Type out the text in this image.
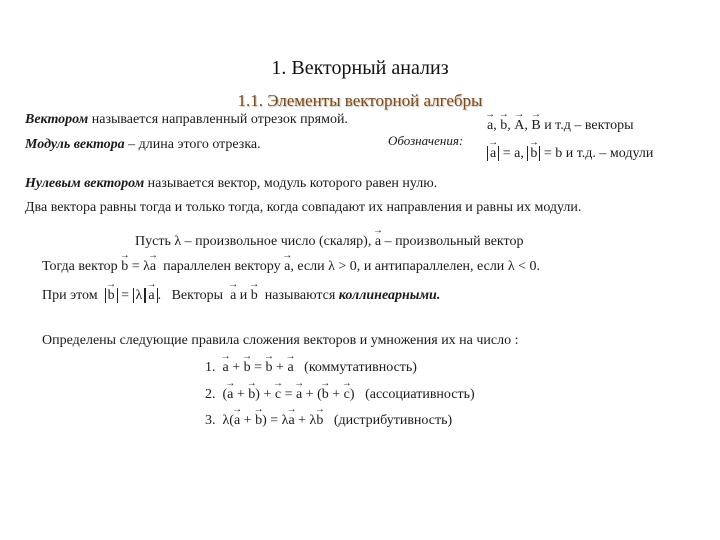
1. Векторный анализ
1.1. Элементы векторной алгебры
Вектором называется направленный отрезок прямой.
Модуль вектора – длина этого отрезка.	Обозначения:
→ a, → b, → A, → B и т.д – векторы
→ a = a, → b = b и т.д. – модули
Нулевым вектором называется вектор, модуль которого равен нулю.
Два вектора равны тогда и только тогда, когда совпадают их направления и равны их модули.
Пусть λ – произвольное число (скаляр), → a – произвольный вектор
Тогда вектор → b = λ→ a параллелен вектору → a, если λ > 0, и антипараллелен, если λ < 0.
При этом → b = λ → a .   Векторы → a и → b называются коллинеарными.
Определены следующие правила сложения векторов и умножения их на число :
1. → a + → b = → b + → a (коммутативность)
2.  (→ a + → b) + → c = → a + (→ b + → c)   (ассоциативность)
3.  λ(→ a + → b) = λ→ a + λ→ b (дистрибутивность)
